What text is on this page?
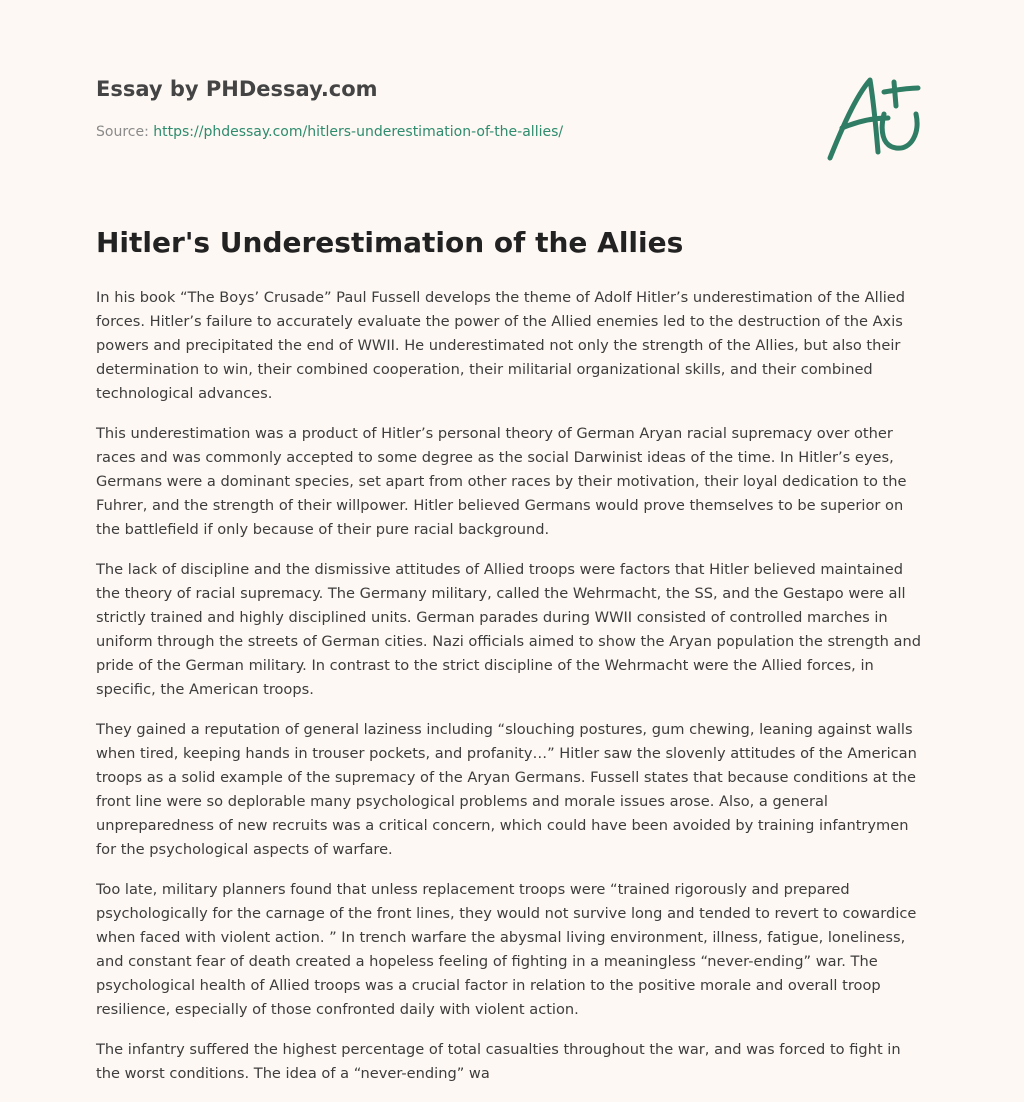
Essay by PHDessay.com
Source: https://phdessay.com/hitlers-underestimation-of-the-allies/
Hitler's Underestimation of the Allies

In his book “The Boys’ Crusade” Paul Fussell develops the theme of Adolf Hitler’s underestimation of the Allied forces. Hitler’s failure to accurately evaluate the power of the Allied enemies led to the destruction of the Axis powers and precipitated the end of WWII. He underestimated not only the strength of the Allies, but also their determination to win, their combined cooperation, their militarial organizational skills, and their combined technological advances.

This underestimation was a product of Hitler’s personal theory of German Aryan racial supremacy over other races and was commonly accepted to some degree as the social Darwinist ideas of the time. In Hitler’s eyes, Germans were a dominant species, set apart from other races by their motivation, their loyal dedication to the Fuhrer, and the strength of their willpower. Hitler believed Germans would prove themselves to be superior on the battlefield if only because of their pure racial background.

The lack of discipline and the dismissive attitudes of Allied troops were factors that Hitler believed maintained the theory of racial supremacy. The Germany military, called the Wehrmacht, the SS, and the Gestapo were all strictly trained and highly disciplined units. German parades during WWII consisted of controlled marches in uniform through the streets of German cities. Nazi officials aimed to show the Aryan population the strength and pride of the German military. In contrast to the strict discipline of the Wehrmacht were the Allied forces, in specific, the American troops.

They gained a reputation of general laziness including “slouching postures, gum chewing, leaning against walls when tired, keeping hands in trouser pockets, and profanity…” Hitler saw the slovenly attitudes of the American troops as a solid example of the supremacy of the Aryan Germans. Fussell states that because conditions at the front line were so deplorable many psychological problems and morale issues arose. Also, a general unpreparedness of new recruits was a critical concern, which could have been avoided by training infantrymen for the psychological aspects of warfare.

Too late, military planners found that unless replacement troops were “trained rigorously and prepared psychologically for the carnage of the front lines, they would not survive long and tended to revert to cowardice when faced with violent action. ” In trench warfare the abysmal living environment, illness, fatigue, loneliness, and constant fear of death created a hopeless feeling of fighting in a meaningless “never-ending” war. The psychological health of Allied troops was a crucial factor in relation to the positive morale and overall troop resilience, especially of those confronted daily with violent action.

The infantry suffered the highest percentage of total casualties throughout the war, and was forced to fight in the worst conditions. The idea of a “never-ending” wa
